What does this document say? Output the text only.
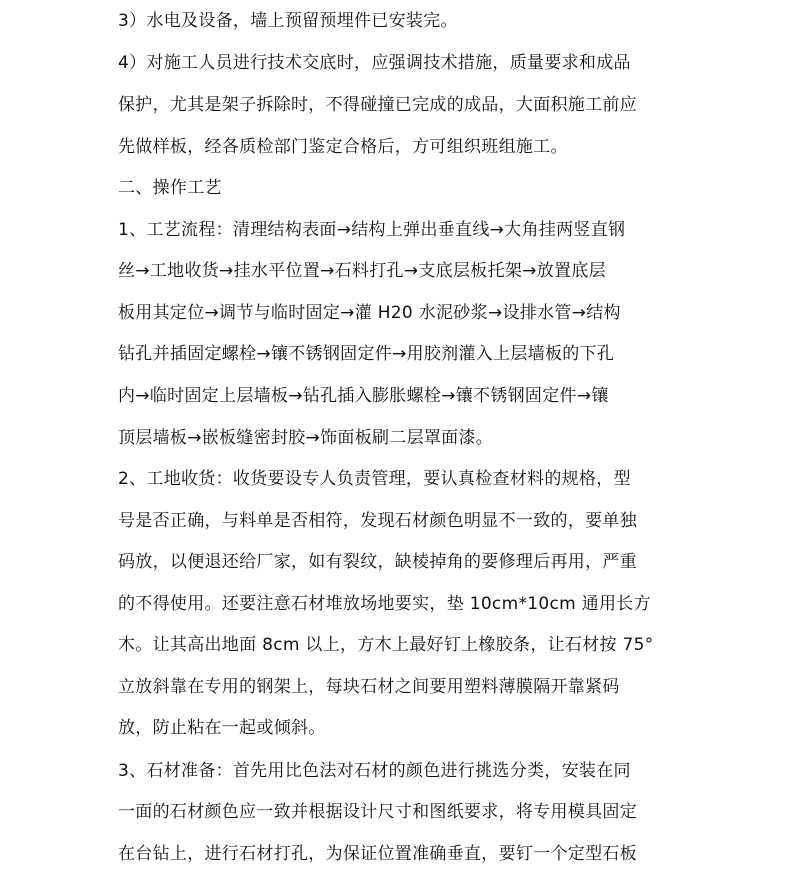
3）水电及设备，墙上预留预埋件已安装完。
4）对施工人员进行技术交底时，应强调技术措施，质量要求和成品
保护，尤其是架子拆除时，不得碰撞已完成的成品，大面积施工前应
先做样板，经各质检部门鉴定合格后，方可组织班组施工。
二、操作工艺
1、工艺流程：清理结构表面→结构上弹出垂直线→大角挂两竖直钢
丝→工地收货→挂水平位置→石料打孔→支底层板托架→放置底层
板用其定位→调节与临时固定→灌 H20 水泥砂浆→设排水管→结构
钻孔并插固定螺栓→镶不锈钢固定件→用胶剂灌入上层墙板的下孔
内→临时固定上层墙板→钻孔插入膨胀螺栓→镶不锈钢固定件→镶
顶层墙板→嵌板缝密封胶→饰面板刷二层罩面漆。
2、工地收货：收货要设专人负责管理，要认真检查材料的规格，型
号是否正确，与料单是否相符，发现石材颜色明显不一致的，要单独
码放，以便退还给厂家，如有裂纹，缺棱掉角的要修理后再用，严重
的不得使用。还要注意石材堆放场地要实，垫 10cm*10cm 通用长方
木。让其高出地面 8cm 以上，方木上最好钉上橡胶条，让石材按 75°
立放斜靠在专用的钢架上，每块石材之间要用塑料薄膜隔开靠紧码
放，防止粘在一起或倾斜。
3、石材准备：首先用比色法对石材的颜色进行挑选分类，安装在同
一面的石材颜色应一致并根据设计尺寸和图纸要求，将专用模具固定
在台钻上，进行石材打孔，为保证位置准确垂直，要钉一个定型石板
